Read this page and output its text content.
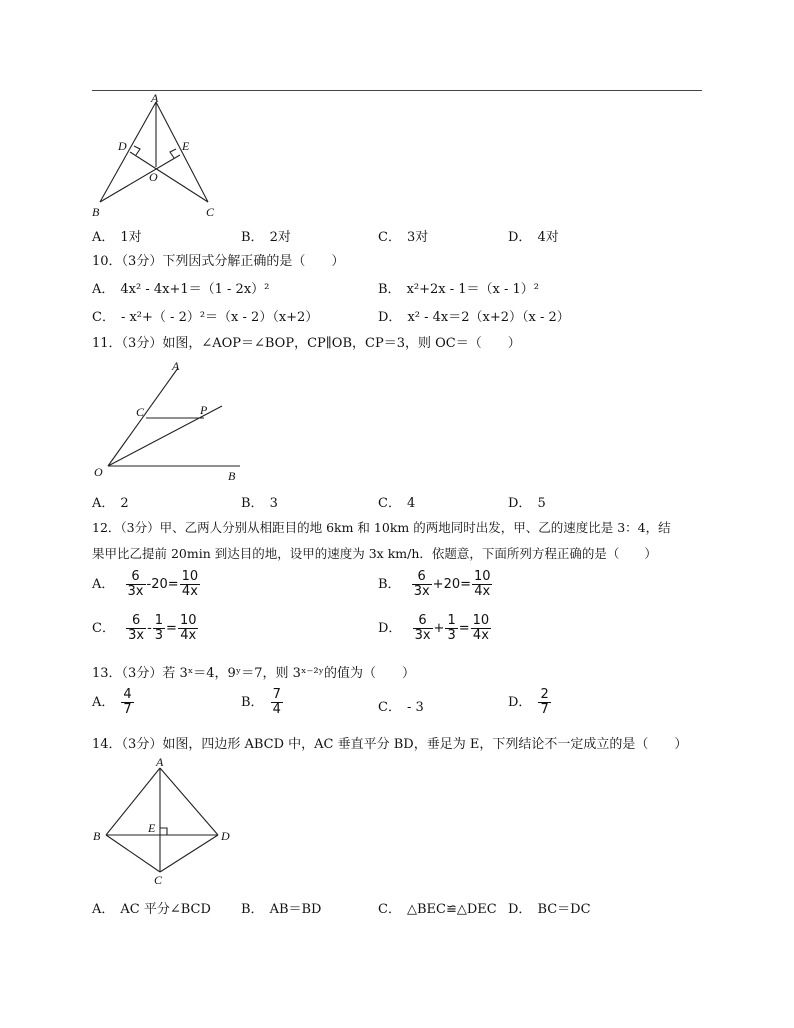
A
D	E
O
B	C
A． 1对	B． 2对	C． 3对	D． 4对
10．（3分）下列因式分解正确的是（　　）
A． 4x² - 4x+1＝（1 - 2x）²	B． x²+2x - 1＝（x - 1）²
C． - x²+（ - 2）²＝（x - 2）（x+2）	D． x² - 4x＝2（x+2）（x - 2）
11．（3分）如图，∠AOP＝∠BOP，CP∥OB，CP＝3，则 OC＝（　　）
A
C	P
O	B
A． 2	B． 3	C． 4	D． 5
12．（3分）甲、乙两人分别从相距目的地 6km 和 10km 的两地同时出发，甲、乙的速度比是 3：4，结
果甲比乙提前 20min 到达目的地，设甲的速度为 3x km/h．依题意，下面所列方程正确的是（　　）
A． $\frac{6}{3x} -20= \frac{10}{4x}$	B． $\frac{6}{3x} +20= \frac{10}{4x}$
C． $\frac{6}{3x} - \frac{1}{3} = \frac{10}{4x}$	D． $\frac{6}{3x} + \frac{1}{3} = \frac{10}{4x}$
13．（3分）若 3ˣ＝4，9ʸ＝7，则 3ˣ⁻²ʸ的值为（　　）
A． $\frac{4}{7}$	B． $\frac{7}{4}$	C． - 3	D． $\frac{2}{7}$
14．（3分）如图，四边形 ABCD 中，AC 垂直平分 BD，垂足为 E，下列结论不一定成立的是（　　）
A
B
E
D
C
A． AC 平分∠BCD B． AB＝BD	C． △BEC≌△DEC D． BC＝DC
